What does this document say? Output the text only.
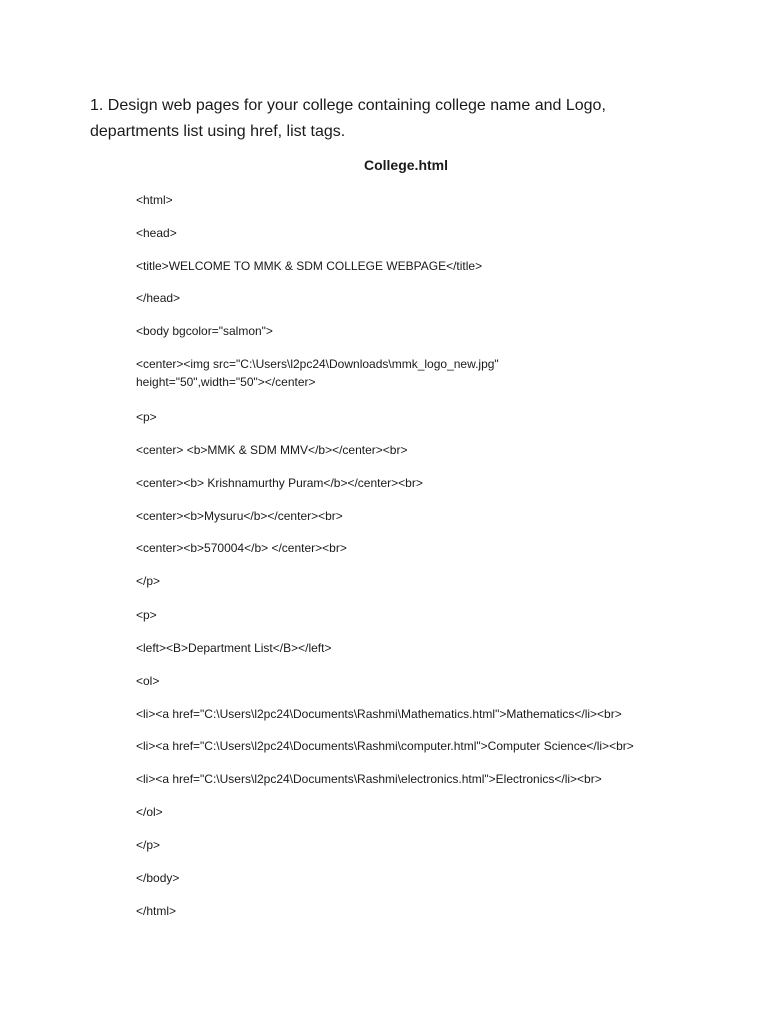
1. Design web pages for your college containing college name and Logo, departments list using href, list tags.

College.html

<html>

<head>

<title>WELCOME TO MMK & SDM COLLEGE WEBPAGE</title>

</head>

<body bgcolor="salmon">

<center><img src="C:\Users\l2pc24\Downloads\mmk_logo_new.jpg"
height="50",width="50"></center>

<p>

<center> <b>MMK & SDM MMV</b></center><br>

<center><b> Krishnamurthy Puram</b></center><br>

<center><b>Mysuru</b></center><br>

<center><b>570004</b> </center><br>

</p>

<p>

<left><B>Department List</B></left>

<ol>

<li><a href="C:\Users\l2pc24\Documents\Rashmi\Mathematics.html">Mathematics</li><br>

<li><a href="C:\Users\l2pc24\Documents\Rashmi\computer.html">Computer Science</li><br>

<li><a href="C:\Users\l2pc24\Documents\Rashmi\electronics.html">Electronics</li><br>

</ol>

</p>

</body>

</html>
